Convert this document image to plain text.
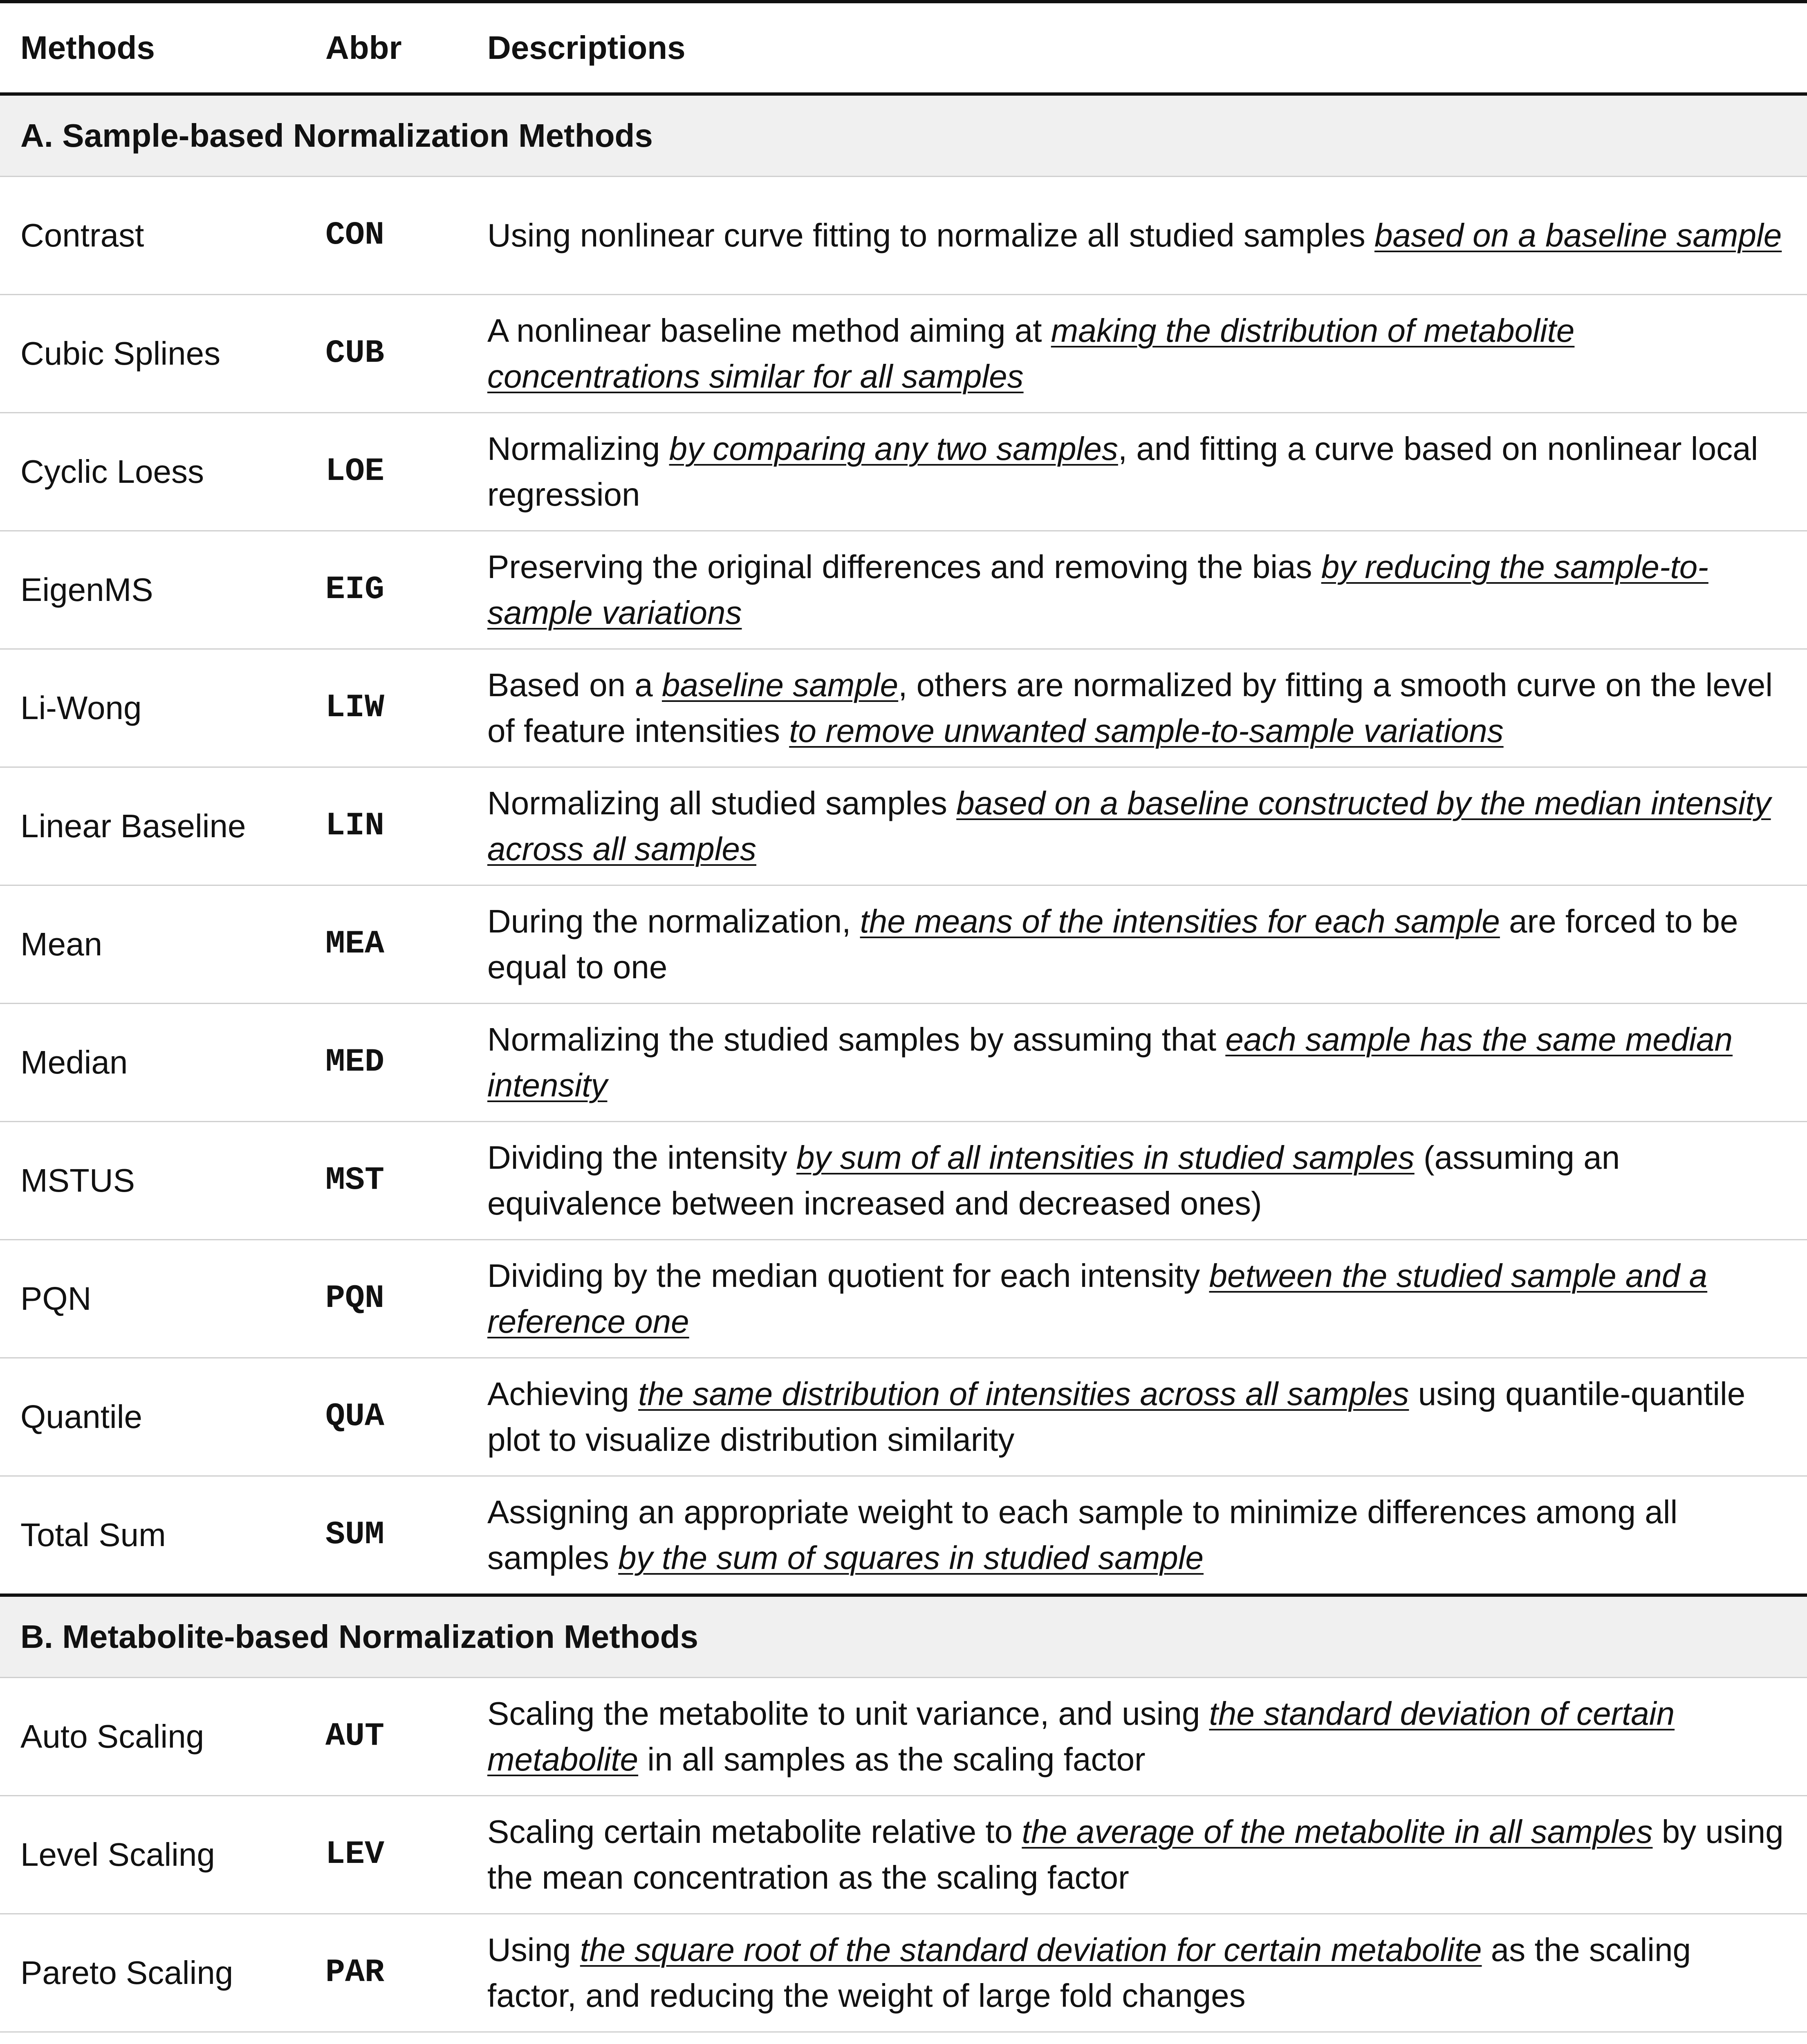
Methods	Abbr	Descriptions
A. Sample-based Normalization Methods		
Contrast	CON	Using nonlinear curve fitting to normalize all studied samples based on a baseline sample
Cubic Splines	CUB	A nonlinear baseline method aiming at making the distribution of metabolite concentrations similar for all samples
Cyclic Loess	LOE	Normalizing by comparing any two samples, and fitting a curve based on nonlinear local regression
EigenMS	EIG	Preserving the original differences and removing the bias by reducing the sample-to-sample variations
Li-Wong	LIW	Based on a baseline sample, others are normalized by fitting a smooth curve on the level of feature intensities to remove unwanted sample-to-sample variations
Linear Baseline	LIN	Normalizing all studied samples based on a baseline constructed by the median intensity across all samples
Mean	MEA	During the normalization, the means of the intensities for each sample are forced to be equal to one
Median	MED	Normalizing the studied samples by assuming that each sample has the same median intensity
MSTUS	MST	Dividing the intensity by sum of all intensities in studied samples (assuming an equivalence between increased and decreased ones)
PQN	PQN	Dividing by the median quotient for each intensity between the studied sample and a reference one
Quantile	QUA	Achieving the same distribution of intensities across all samples using quantile-quantile plot to visualize distribution similarity
Total Sum	SUM	Assigning an appropriate weight to each sample to minimize differences among all samples by the sum of squares in studied sample
B. Metabolite-based Normalization Methods		
Auto Scaling	AUT	Scaling the metabolite to unit variance, and using the standard deviation of certain metabolite in all samples as the scaling factor
Level Scaling	LEV	Scaling certain metabolite relative to the average of the metabolite in all samples by using the mean concentration as the scaling factor
Pareto Scaling	PAR	Using the square root of the standard deviation for certain metabolite as the scaling factor, and reducing the weight of large fold changes
